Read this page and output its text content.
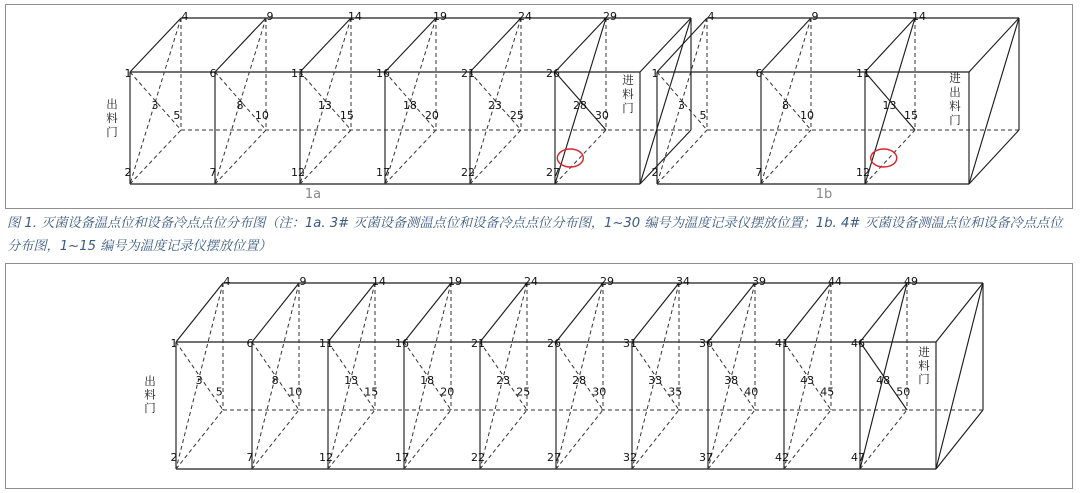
4
1
3
5
2
9
6
8
10
7
14
11
13
15
12
19
16
18
20
17
24
21
23
25
22
29
26
28
30
27
1a
出
料
门
进
料
门
4
1
3
5
2
9
6
8
10
7
14
11
13
15
12
1b
进
出
料
门
4
1
3
5
2
9
6
8
10
7
14
11
13
15
12
19
16
18
20
17
24
21
23
25
22
29
26
28
30
27
34
31
33
35
32
39
36
38
40
37
44
41
43
45
42
49
46
48
50
47
出
料
门
进
料
门
图 1. 灭菌设备温点位和设备冷点点位分布图（注：1a. 3# 灭菌设备测温点位和设备冷点点位分布图，1~30 编号为温度记录仪摆放位置；1b. 4# 灭菌设备测温点位和设备冷点点位分布图，1~15 编号为温度记录仪摆放位置）
